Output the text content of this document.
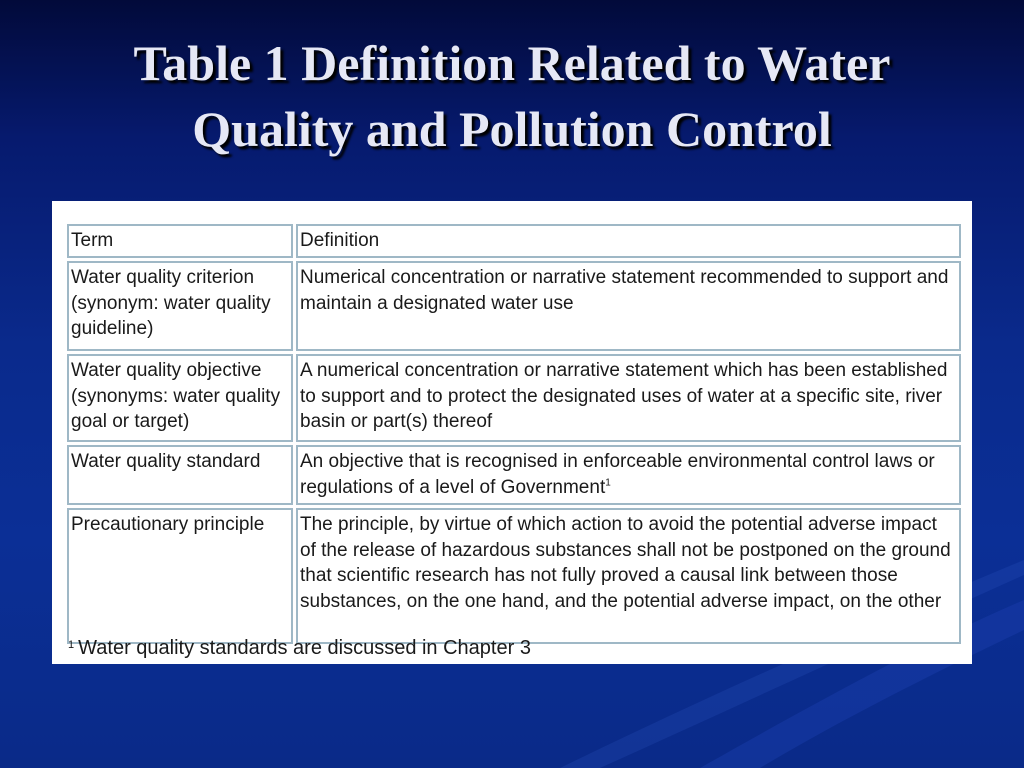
Table 1 Definition Related to Water
Quality and Pollution Control
Term	Definition
Water quality criterion (synonym: water quality guideline)	Numerical concentration or narrative statement recommended to support and maintain a designated water use
Water quality objective (synonyms: water quality goal or target)	A numerical concentration or narrative statement which has been established to support and to protect the designated uses of water at a specific site, river basin or part(s) thereof
Water quality standard	An objective that is recognised in enforceable environmental control laws or regulations of a level of Government$^1$
Precautionary principle	The principle, by virtue of which action to avoid the potential adverse impact of the release of hazardous substances shall not be postponed on the ground that scientific research has not fully proved a causal link between those substances, on the one hand, and the potential adverse impact, on the other
$^1$ Water quality standards are discussed in Chapter 3
